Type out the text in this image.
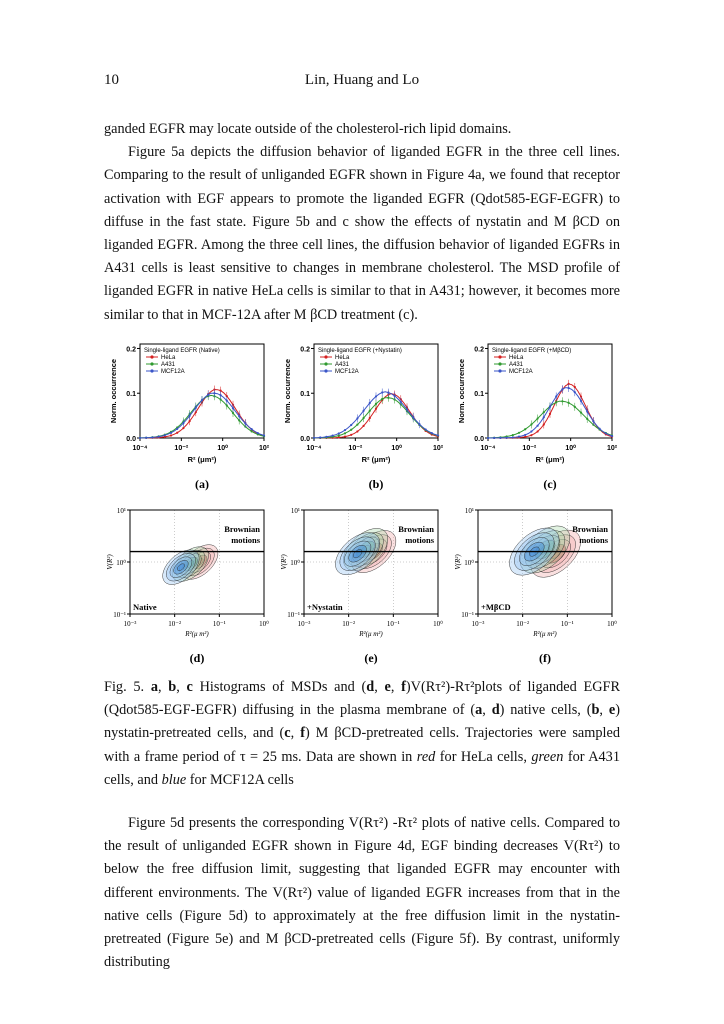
10	Lin, Huang and Lo

ganded EGFR may locate outside of the cholesterol-rich lipid domains.

Figure 5a depicts the diffusion behavior of liganded EGFR in the three cell lines. Comparing to the result of unliganded EGFR shown in Figure 4a, we found that receptor activation with EGF appears to promote the liganded EGFR (Qdot585-EGF-EGFR) to diffuse in the fast state. Figure 5b and c show the effects of nystatin and M βCD on liganded EGFR. Among the three cell lines, the diffusion behavior of liganded EGFRs in A431 cells is least sensitive to changes in membrane cholesterol. The MSD profile of liganded EGFR in native HeLa cells is similar to that in A431; however, it becomes more similar to that in MCF-12A after M βCD treatment (c).

0.2
0.1
0.0
10⁻⁴	10⁻²	10⁰	10²
Norm. occurrence
R² (μm²)
Single-ligand EGFR (Native)
HeLa
A431
MCF12A
(a)
0.2
0.1
0.0
10⁻⁴	10⁻²	10⁰	10²
Norm. occurrence
R² (μm²)
Single-ligand EGFR (+Nystatin)
HeLa
A431
MCF12A
(b)
0.2
0.1
0.0
10⁻⁴	10⁻²	10⁰	10²
Norm. occurrence
R² (μm²)
Single-ligand EGFR (+MβCD)
HeLa
A431
MCF12A
(c)
10¹
10⁰
10⁻¹
10⁻³	10⁻²	10⁻¹	10⁰
V(R²)
R²(μ m²)
Brownian
motions
Native
(d)
10¹
10⁰
10⁻¹
10⁻³	10⁻²	10⁻¹	10⁰
V(R²)
R²(μ m²)
Brownian
motions
+Nystatin
(e)
10¹
10⁰
10⁻¹
10⁻³	10⁻²	10⁻¹	10⁰
V(R²)
R²(μ m²)
Brownian
motions
+MβCD
(f)
Fig. 5. a, b, c Histograms of MSDs and (d, e, f)V(Rτ²)-Rτ²plots of liganded EGFR (Qdot585-EGF-EGFR) diffusing in the plasma membrane of (a, d) native cells, (b, e) nystatin-pretreated cells, and (c, f) M βCD-pretreated cells. Trajectories were sampled with a frame period of τ = 25 ms. Data are shown in red for HeLa cells, green for A431 cells, and blue for MCF12A cells
Figure 5d presents the corresponding V(Rτ²) -Rτ² plots of native cells. Compared to the result of unliganded EGFR shown in Figure 4d, EGF binding decreases V(Rτ²) to below the free diffusion limit, suggesting that liganded EGFR may encounter with different environments. The V(Rτ²) value of liganded EGFR increases from that in the native cells (Figure 5d) to approximately at the free diffusion limit in the nystatin-pretreated (Figure 5e) and M βCD-pretreated cells (Figure 5f). By contrast, uniformly distributing
